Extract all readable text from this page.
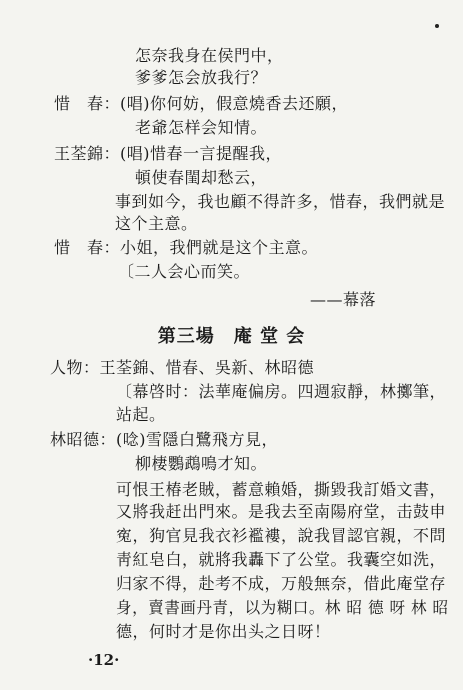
怎奈我身在侯門中，
爹爹怎会放我行？
惜　春： (唱)你何妨，假意燒香去还願，
老爺怎样会知情。
王荃錦： (唱)惜春一言提醒我，
頓使春閨却愁云，
事到如今，我也顧不得許多，惜春，我們就是
这个主意。
惜　春： 小姐，我們就是这个主意。
〔二人会心而笑。
——幕落
第三場　庵 堂 会
人物：王荃錦、惜春、吳新、林昭德
〔幕啓时：法華庵偏房。四週寂靜，林擲筆，
站起。
林昭德： (唸)雪隱白鷺飛方見，
柳棲鸚鵡鳴才知。
可恨王椿老賊，蓄意賴婚，撕毀我訂婚文書，
又將我赶出門來。是我去至南陽府堂，击鼓申
寃，狗官見我衣衫襤褸，說我冒認官親，不問
靑紅皂白，就將我轟下了公堂。我囊空如洗，
归家不得，赴考不成，万般無奈，借此庵堂存
身，賣書画丹青，以为糊口。林 昭 德 呀 林 昭
德，何时才是你出头之日呀！
·12·
